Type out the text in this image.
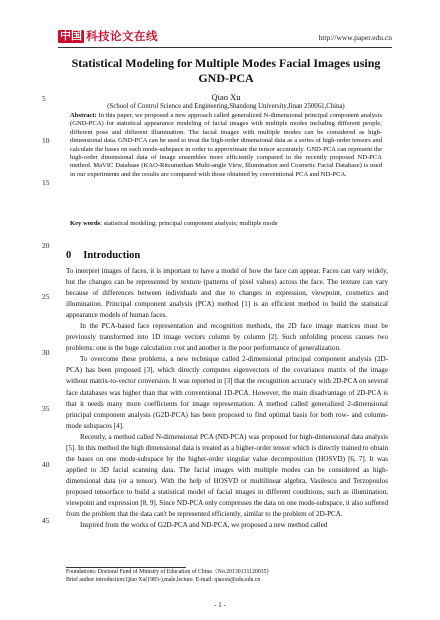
中国 科技论文在线	http://www.paper.edu.cn
Statistical Modeling for Multiple Modes Facial Images using GND-PCA
5
10
15
20
25
30
35
40
45
Qiao Xu
(School of Control Science and Engineering,Shandong University,Jinan 250061,China)
Abstract: In this paper, we proposed a new approach called generalized N-dimensional principal component analysis (GND-PCA) for statistical appearance modeling of facial images with multiple modes including different people, different pose and different illumination. The facial images with multiple modes can be considered as high-dimensional data. GND-PCA can be used to treat the high-order dimensional data as a series of high-order tensors and calculate the bases on each mode-subspace in order to approximate the tensor accurately. GND-PCA can represent the high-order dimensional data of image ensembles more efficiently compared to the recently proposed ND-PCA method. MaVIC Database (KAO-Ritsumeikan Multi-angle View, Illumination and Cosmetic Facial Database) is used in our experiments and the results are compared with those obtained by conventional PCA and ND-PCA.
Key words: statistical modeling; principal component analysis; multiple mode
0 Introduction

To interpret images of faces, it is important to have a model of how the face can appear. Faces can vary widely, but the changes can be represented by texture (patterns of pixel values) across the face. The texture can vary because of differences between individuals and due to changes in expression, viewpoint, cosmetics and illumination. Principal component analysis (PCA) method [1] is an efficient method to build the statistical appearance models of human faces.

In the PCA-based face representation and recognition methods, the 2D face image matrices must be previously transformed into 1D image vectors column by column [2]. Such unfolding process causes two problems: one is the huge calculation cost and another is the poor performance of generalization.

To overcome these problems, a new technique called 2-dimensional principal component analysis (2D-PCA) has been proposed [3], which directly computes eigenvectors of the covariance matrix of the image without matrix-to-vector conversion. It was reported in [3] that the recognition accuracy with 2D-PCA on several face databases was higher than that with conventional 1D-PCA. However, the main disadvantage of 2D-PCA is that it needs many more coefficients for image representation. A method called generalized 2-dimensional principal component analysis (G2D-PCA) has been proposed to find optimal basis for both row- and column-mode subspaces [4].

Recently, a method called N-dimensional PCA (ND-PCA) was proposed for high-dimensional data analysis [5]. In this method the high dimensional data is treated as a higher-order tensor which is directly trained to obtain the bases on one mode-subspace by the higher-order singular value decomposition (HOSVD) [6, 7]. It was applied to 3D facial scanning data. The facial images with multiple modes can be considered as high-dimensional data (or a tensor). With the help of HOSVD or multilinear algebra, Vasilescu and Terzopoulos proposed tensorface to build a statistical model of facial images in different conditions, such as illumination, viewpoint and expression [8, 9]. Since ND-PCA only compresses the data on one mode-subspace, it also suffered from the problem that the data can't be represented efficiently, similar to the problem of 2D-PCA.

Inspired from the works of G2D-PCA and ND-PCA, we proposed a new method called

Foundations: Doctoral Fund of Ministry of Education of China（No.20130131120035)
Brief author introduction:Qiao Xu(1983-),male,lecture. E-mail: qiaoxu@sdu.edu.cn
- 1 -
